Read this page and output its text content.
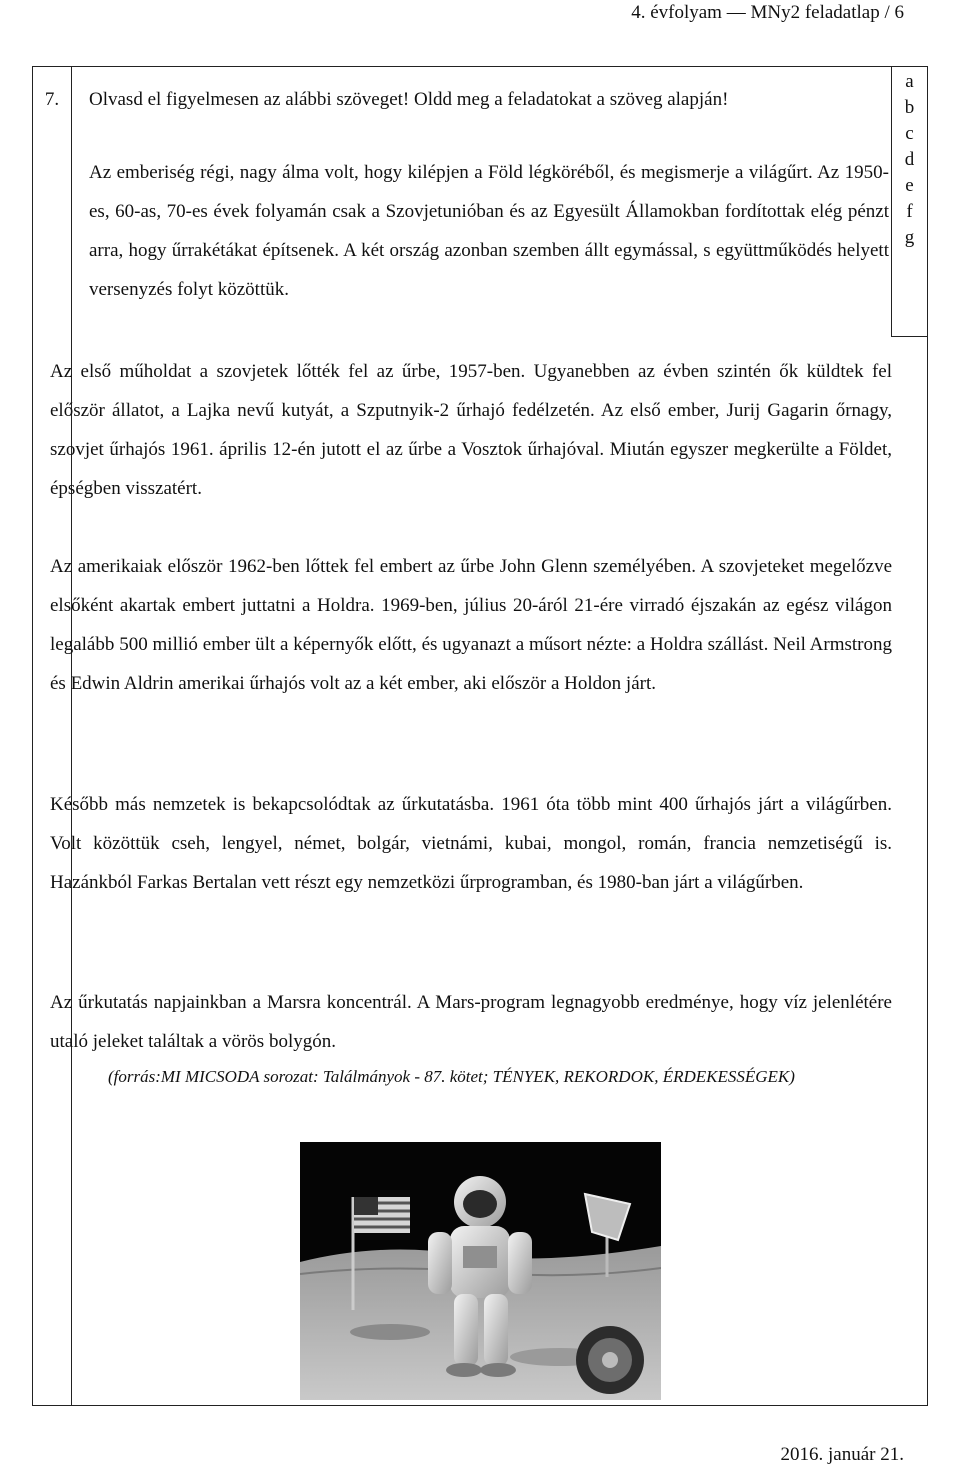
4. évfolyam — MNy2 feladatlap / 6
7.	Olvasd el figyelmesen az alábbi szöveget! Oldd meg a feladatokat a szöveg alapján!
a
b
c
d
e
f
g

Az emberiség régi, nagy álma volt, hogy kilépjen a Föld légköréből, és megismerje a világűrt. Az 1950-es, 60-as, 70-es évek folyamán csak a Szovjetunióban és az Egyesült Államokban fordítottak elég pénzt arra, hogy űrrakétákat építsenek. A két ország azonban szemben állt egymással, s együttműködés helyett versenyzés folyt közöttük.

Az első műholdat a szovjetek lőtték fel az űrbe, 1957-ben. Ugyanebben az évben szintén ők küldtek fel először állatot, a Lajka nevű kutyát, a Szputnyik-2 űrhajó fedélzetén. Az első ember, Jurij Gagarin őrnagy, szovjet űrhajós 1961. április 12-én jutott el az űrbe a Vosztok űrhajóval. Miután egyszer megkerülte a Földet, épségben visszatért.

Az amerikaiak először 1962-ben lőttek fel embert az űrbe John Glenn személyében. A szovjeteket megelőzve elsőként akartak embert juttatni a Holdra. 1969-ben, július 20-áról 21-ére virradó éjszakán az egész világon legalább 500 millió ember ült a képernyők előtt, és ugyanazt a műsort nézte: a Holdra szállást. Neil Armstrong és Edwin Aldrin amerikai űrhajós volt az a két ember, aki először a Holdon járt.

Később más nemzetek is bekapcsolódtak az űrkutatásba. 1961 óta több mint 400 űrhajós járt a világűrben. Volt közöttük cseh, lengyel, német, bolgár, vietnámi, kubai, mongol, román, francia nemzetiségű is. Hazánkból Farkas Bertalan vett részt egy nemzetközi űrprogramban, és 1980-ban járt a világűrben.

Az űrkutatás napjainkban a Marsra koncentrál. A Mars-program legnagyobb eredménye, hogy víz jelenlétére utaló jeleket találtak a vörös bolygón.

(forrás:MI MICSODA sorozat: Találmányok - 87. kötet; TÉNYEK, REKORDOK, ÉRDEKESSÉGEK)
2016. január 21.
